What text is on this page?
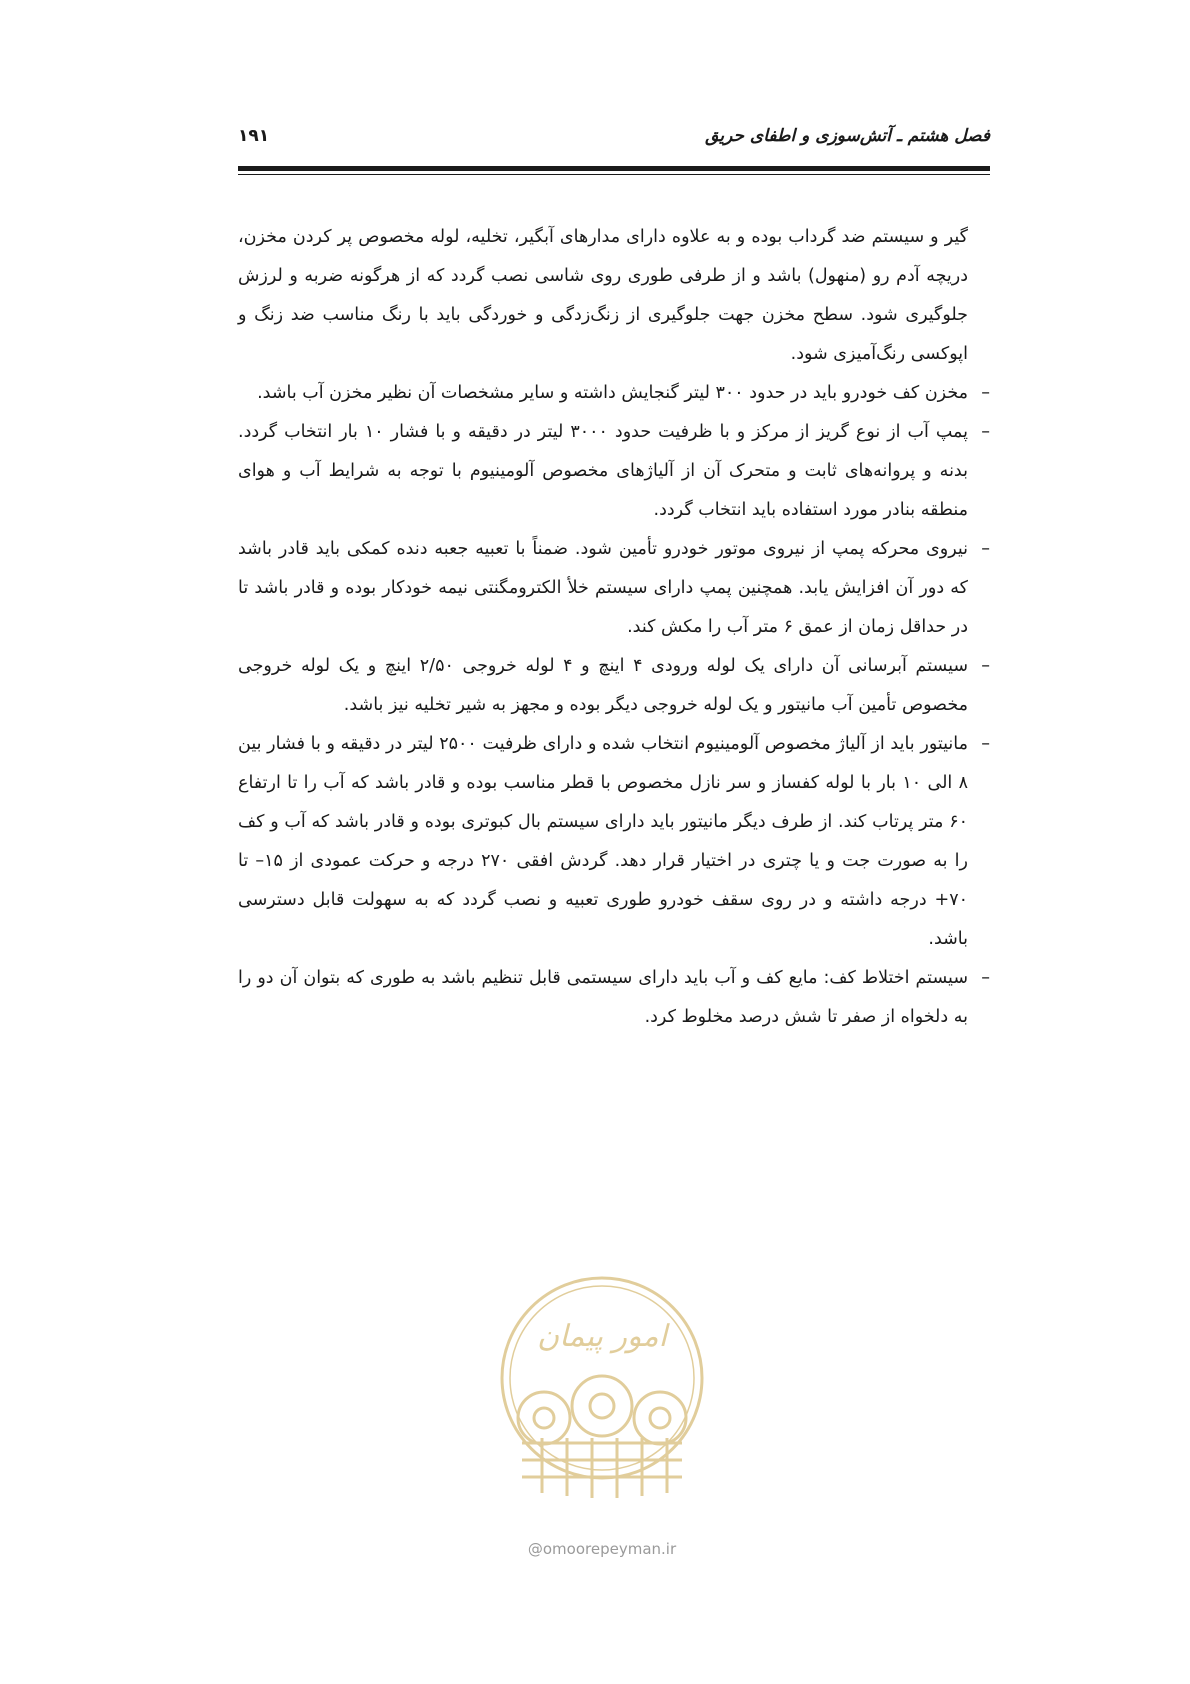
فصل هشتم ـ آتش‌سوزی و اطفای حریق
۱۹۱

گیر و سیستم ضد گرداب بوده و به علاوه دارای مدارهای آبگیر، تخلیه، لوله مخصوص پر کردن مخزن، دریچه آدم رو (منهول) باشد و از طرفی طوری روی شاسی نصب گردد که از هرگونه ضربه و لرزش جلوگیری شود. سطح مخزن جهت جلوگیری از زنگ‌زدگی و خوردگی باید با رنگ مناسب ضد زنگ و اپوکسی رنگ‌آمیزی شود.

–
مخزن کف خودرو باید در حدود ۳۰۰ لیتر گنجایش داشته و سایر مشخصات آن نظیر مخزن آب باشد.
–
پمپ آب از نوع گریز از مرکز و با ظرفیت حدود ۳۰۰۰ لیتر در دقیقه و با فشار ۱۰ بار انتخاب گردد. بدنه و پروانه‌های ثابت و متحرک آن از آلیاژهای مخصوص آلومینیوم با توجه به شرایط آب و هوای منطقه بنادر مورد استفاده باید انتخاب گردد.
–
نیروی محرکه پمپ از نیروی موتور خودرو تأمین شود. ضمناً با تعبیه جعبه دنده کمکی باید قادر باشد که دور آن افزایش یابد. همچنین پمپ دارای سیستم خلأ الکترومگنتی نیمه خودکار بوده و قادر باشد تا در حداقل زمان از عمق ۶ متر آب را مکش کند.
–
سیستم آبرسانی آن دارای یک لوله ورودی ۴ اینچ و ۴ لوله خروجی ۲/۵۰ اینچ و یک لوله خروجی مخصوص تأمین آب مانیتور و یک لوله خروجی دیگر بوده و مجهز به شیر تخلیه نیز باشد.
–
مانیتور باید از آلیاژ مخصوص آلومینیوم انتخاب شده و دارای ظرفیت ۲۵۰۰ لیتر در دقیقه و با فشار بین ۸ الی ۱۰ بار با لوله کفساز و سر نازل مخصوص با قطر مناسب بوده و قادر باشد که آب را تا ارتفاع ۶۰ متر پرتاب کند. از طرف دیگر مانیتور باید دارای سیستم بال کبوتری بوده و قادر باشد که آب و کف را به صورت جت و یا چتری در اختیار قرار دهد. گردش افقی ۲۷۰ درجه و حرکت عمودی از ۱۵– تا ۷۰+ درجه داشته و در روی سقف خودرو طوری تعبیه و نصب گردد که به سهولت قابل دسترسی باشد.
–
سیستم اختلاط کف: مایع کف و آب باید دارای سیستمی قابل تنظیم باشد به طوری که بتوان آن دو را به دلخواه از صفر تا شش درصد مخلوط کرد.
امور پیمان
@omoorepeyman.ir
